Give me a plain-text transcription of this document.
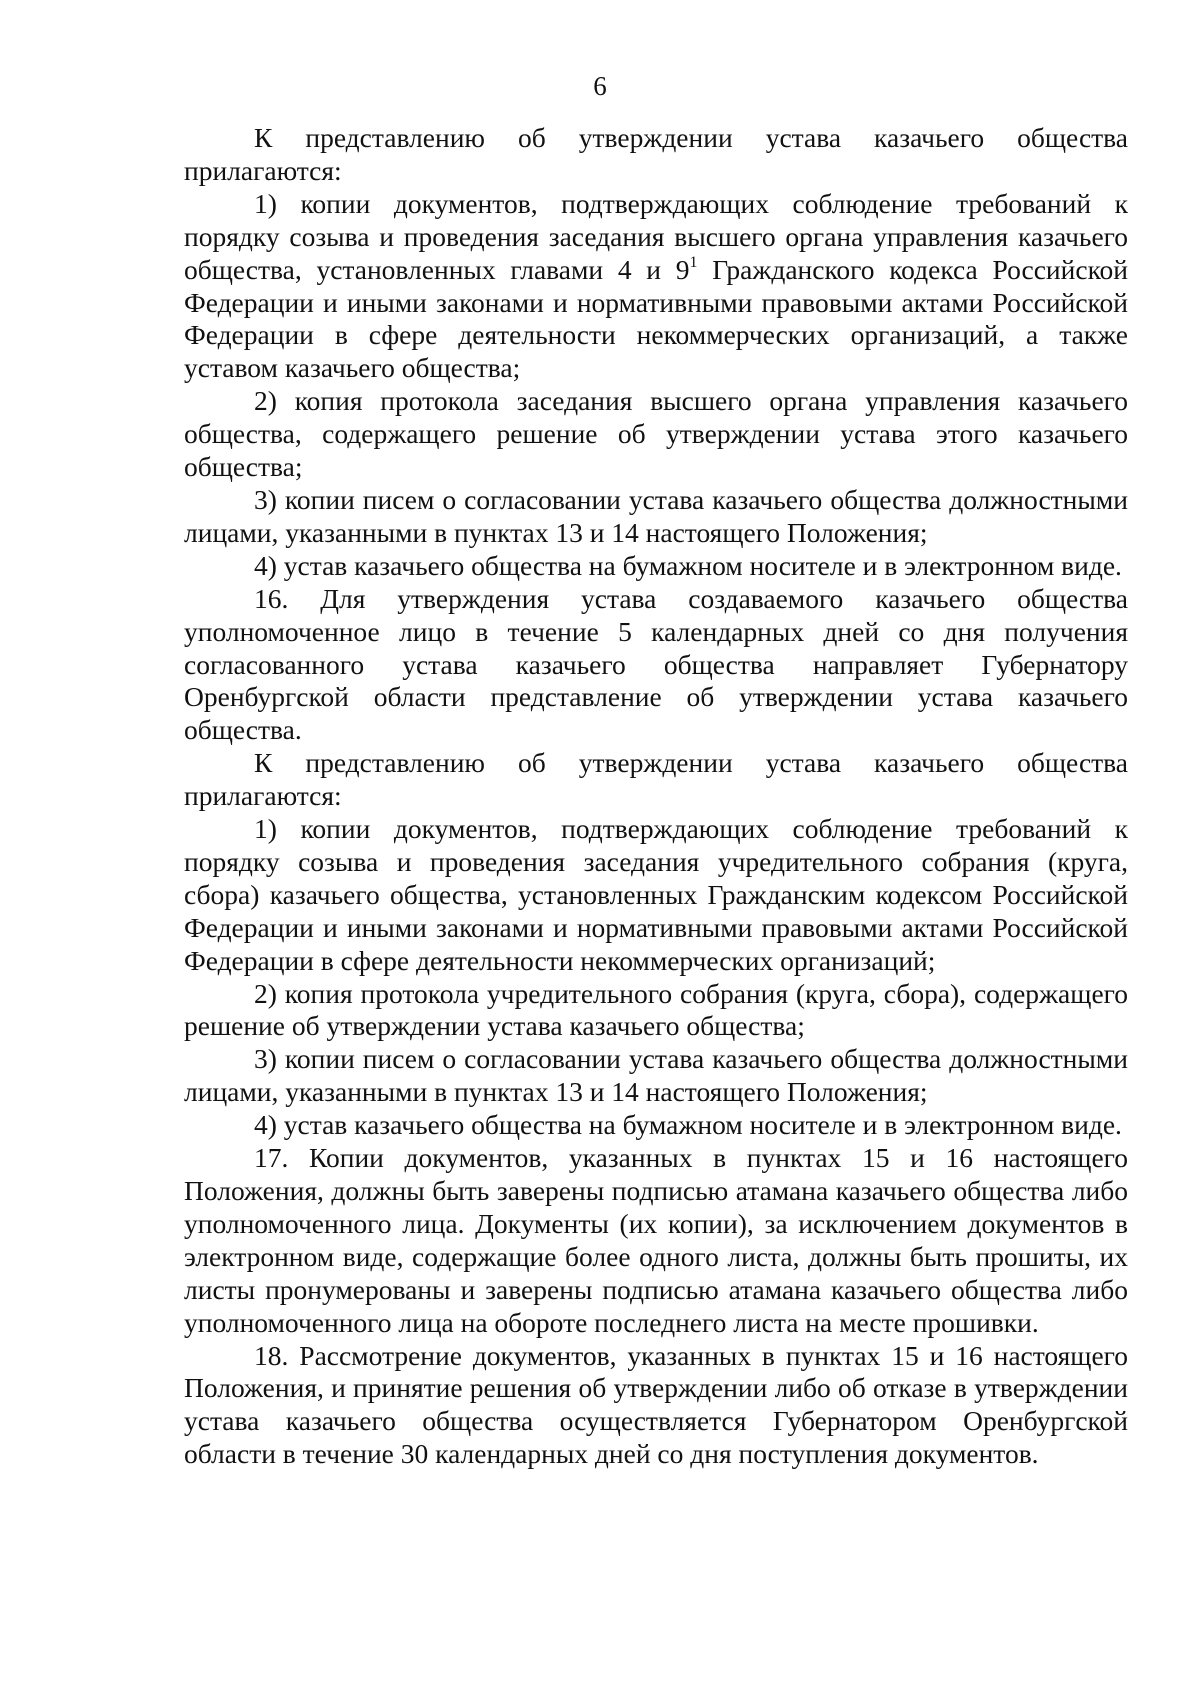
6

К представлению об утверждении устава казачьего общества прилагаются:

1) копии документов, подтверждающих соблюдение требований к порядку созыва и проведения заседания высшего органа управления казачьего общества, установленных главами 4 и $9^1$ Гражданского кодекса Российской Федерации и иными законами и нормативными правовыми актами Российской Федерации в сфере деятельности некоммерческих организаций, а также уставом казачьего общества;

2) копия протокола заседания высшего органа управления казачьего общества, содержащего решение об утверждении устава этого казачьего общества;

3) копии писем о согласовании устава казачьего общества должностными лицами, указанными в пунктах 13 и 14 настоящего Положения;

4) устав казачьего общества на бумажном носителе и в электронном виде.

16. Для утверждения устава создаваемого казачьего общества уполномоченное лицо в течение 5 календарных дней со дня получения согласованного устава казачьего общества направляет Губернатору Оренбургской области представление об утверждении устава казачьего общества.

К представлению об утверждении устава казачьего общества прилагаются:

1) копии документов, подтверждающих соблюдение требований к порядку созыва и проведения заседания учредительного собрания (круга, сбора) казачьего общества, установленных Гражданским кодексом Российской Федерации и иными законами и нормативными правовыми актами Российской Федерации в сфере деятельности некоммерческих организаций;

2) копия протокола учредительного собрания (круга, сбора), содержащего решение об утверждении устава казачьего общества;

3) копии писем о согласовании устава казачьего общества должностными лицами, указанными в пунктах 13 и 14 настоящего Положения;

4) устав казачьего общества на бумажном носителе и в электронном виде.

17. Копии документов, указанных в пунктах 15 и 16 настоящего Положения, должны быть заверены подписью атамана казачьего общества либо уполномоченного лица. Документы (их копии), за исключением документов в электронном виде, содержащие более одного листа, должны быть прошиты, их листы пронумерованы и заверены подписью атамана казачьего общества либо уполномоченного лица на обороте последнего листа на месте прошивки.

18. Рассмотрение документов, указанных в пунктах 15 и 16 настоящего Положения, и принятие решения об утверждении либо об отказе в утверждении устава казачьего общества осуществляется Губернатором Оренбургской области в течение 30 календарных дней со дня поступления документов.
